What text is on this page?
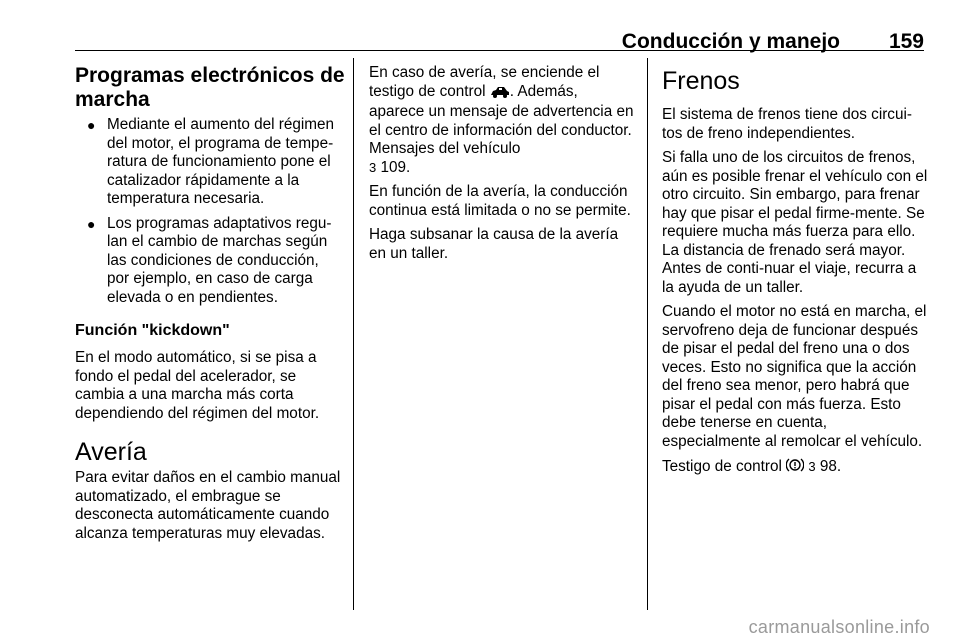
Conducción y manejo 159
Programas electrónicos de marcha
● Mediante el aumento del régimen del motor, el programa de tempe-ratura de funcionamiento pone el catalizador rápidamente a la temperatura necesaria.
● Los programas adaptativos regu-lan el cambio de marchas según las condiciones de conducción, por ejemplo, en caso de carga elevada o en pendientes.
Función "kickdown"

En el modo automático, si se pisa a fondo el pedal del acelerador, se cambia a una marcha más corta dependiendo del régimen del motor.

Avería

Para evitar daños en el cambio manual automatizado, el embrague se desconecta automáticamente cuando alcanza temperaturas muy elevadas.

En caso de avería, se enciende el testigo de control . Además, aparece un mensaje de advertencia en el centro de información del conductor. Mensajes del vehículo
3 109.

En función de la avería, la conducción continua está limitada o no se permite.

Haga subsanar la causa de la avería en un taller.

Frenos

El sistema de frenos tiene dos circui-tos de freno independientes.

Si falla uno de los circuitos de frenos, aún es posible frenar el vehículo con el otro circuito. Sin embargo, para frenar hay que pisar el pedal firme-mente. Se requiere mucha más fuerza para ello. La distancia de frenado será mayor. Antes de conti-nuar el viaje, recurra a la ayuda de un taller.

Cuando el motor no está en marcha, el servofreno deja de funcionar después de pisar el pedal del freno una o dos veces. Esto no significa que la acción del freno sea menor, pero habrá que pisar el pedal con más fuerza. Esto debe tenerse en cuenta, especialmente al remolcar el vehículo.

Testigo de control 3 98.

carmanualsonline.info
